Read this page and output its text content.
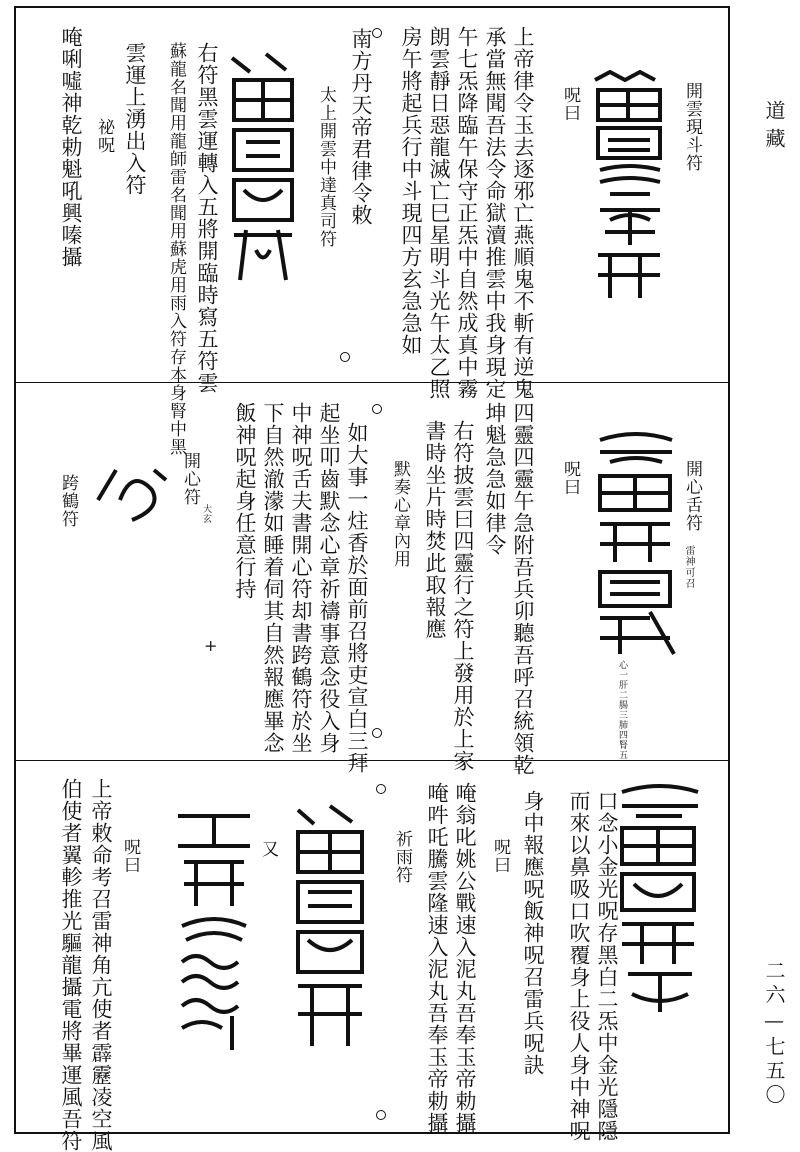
道藏
二六—七五〇
開雲現斗符
呪曰
上帝律令玉去逐邪亡燕順鬼不斬有逆鬼
承當無聞吾法令命獄瀆推雲中我身現定
午七炁降臨午保守正炁中自然成真中霧
朗雲靜日惡龍滅亡巳星明斗光午太乙照
房午將起兵行中斗現四方玄急急如
南方丹天帝君律令敕
太上開雲中達真司符
右符黑雲運轉入五將開臨時寫五符雲
蘇龍名聞用龍師雷名聞用蘇虎用雨入符存本身腎中黑
雲運上湧出入符
祕呪
唵唎噓神乾勅魁吼興嗪攝
開心舌符
雷神可召
呪曰
心一肝二腸三肺四腎五
四靈四靈午急附吾兵卯聽吾呼召統領乾
坤魁急急如律令
右符披雲曰四靈行之符上發用於上家
書時坐片時焚此取報應
默奏心章內用
如大事一炷香於面前召將吏宣白三拜
起坐叩齒默念心章祈禱事意念役入身
中神呪舌夫書開心符却書跨鶴符於坐
下自然澈濛如睡着伺其自然報應畢念
飯神呪起身任意行持
開心符
大玄
+
跨鶴符
口念小金光呪存黑白二炁中金光隱隱
而來以鼻吸口吹覆身上役人身中神呪
身中報應呪飯神呪召雷兵呪訣
呪曰
唵翁叱姚公戰速入泥丸吾奉玉帝勅攝
唵吽吒騰雲隆速入泥丸吾奉玉帝勅攝
祈雨符
又
呪曰
上帝敕命考召雷神角亢使者霹靂凌空風
伯使者翼軫推光驅龍攝電將畢運風吾符
